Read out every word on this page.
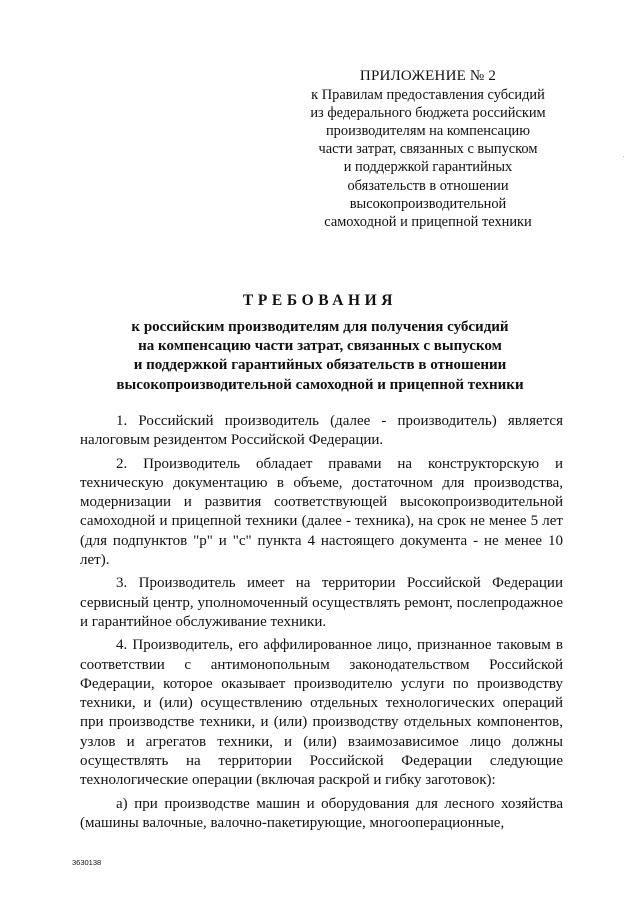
ПРИЛОЖЕНИЕ № 2
к Правилам предоставления субсидий
из федерального бюджета российским
производителям на компенсацию
части затрат, связанных с выпуском
и поддержкой гарантийных
обязательств в отношении
высокопроизводительной
самоходной и прицепной техники
ТРЕБОВАНИЯ
к российским производителям для получения субсидий
на компенсацию части затрат, связанных с выпуском
и поддержкой гарантийных обязательств в отношении
высокопроизводительной самоходной и прицепной техники

1. Российский производитель (далее - производитель) является налоговым резидентом Российской Федерации.

2. Производитель обладает правами на конструкторскую и техническую документацию в объеме, достаточном для производства, модернизации и развития соответствующей высокопроизводительной самоходной и прицепной техники (далее - техника), на срок не менее 5 лет (для подпунктов "р" и "с" пункта 4 настоящего документа - не менее 10 лет).

3. Производитель имеет на территории Российской Федерации сервисный центр, уполномоченный осуществлять ремонт, послепродажное и гарантийное обслуживание техники.

4. Производитель, его аффилированное лицо, признанное таковым в соответствии с антимонопольным законодательством Российской Федерации, которое оказывает производителю услуги по производству техники, и (или) осуществлению отдельных технологических операций при производстве техники, и (или) производству отдельных компонентов, узлов и агрегатов техники, и (или) взаимозависимое лицо должны осуществлять на территории Российской Федерации следующие технологические операции (включая раскрой и гибку заготовок):

а) при производстве машин и оборудования для лесного хозяйства (машины валочные, валочно-пакетирующие, многооперационные,

3630138
·
